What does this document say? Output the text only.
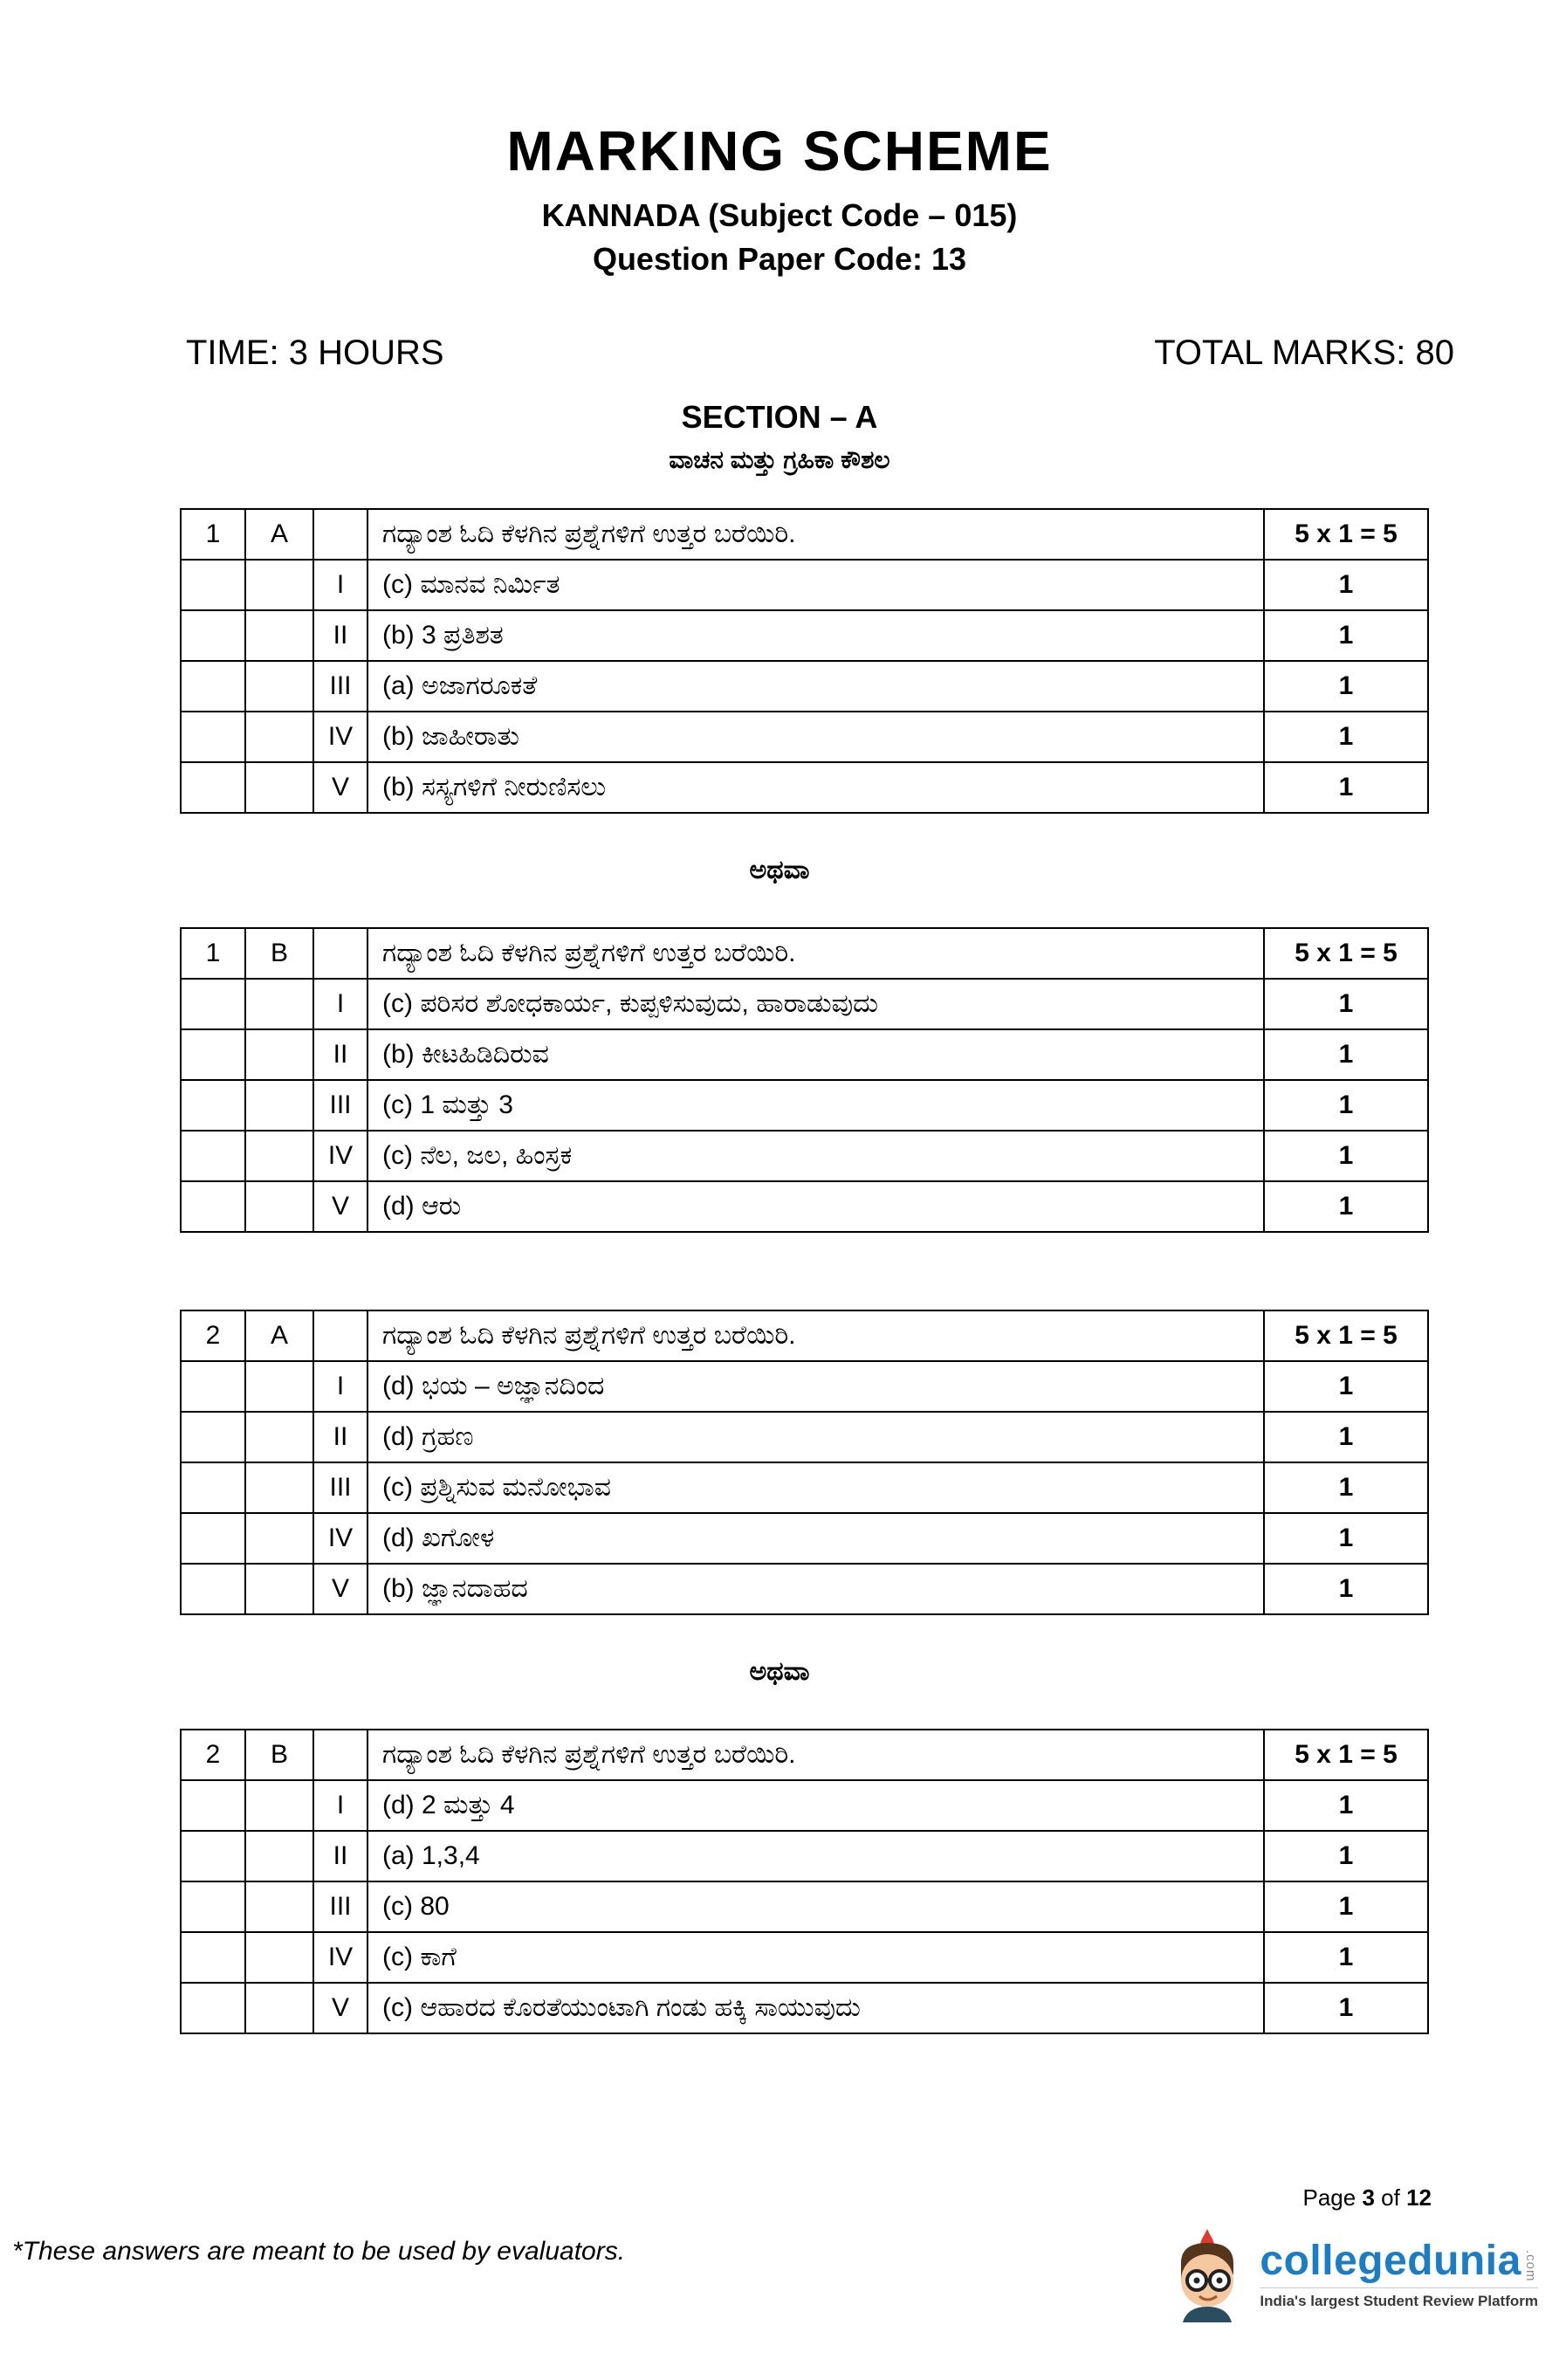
MARKING SCHEME
KANNADA (Subject Code – 015)
Question Paper Code: 13
TIME: 3 HOURS	TOTAL MARKS: 80
SECTION – A
ವಾಚನ ಮತ್ತು ಗ್ರಹಿಕಾ ಕೌಶಲ
1	A		ಗದ್ಯಾಂಶ ಓದಿ ಕೆಳಗಿನ ಪ್ರಶ್ನೆಗಳಿಗೆ ಉತ್ತರ ಬರೆಯಿರಿ.	5 x 1 = 5
		I	(c) ಮಾನವ ನಿರ್ಮಿತ	1
		II	(b) 3 ಪ್ರತಿಶತ	1
		III	(a) ಅಜಾಗರೂಕತೆ	1
		IV	(b) ಜಾಹೀರಾತು	1
		V	(b) ಸಸ್ಯಗಳಿಗೆ ನೀರುಣಿಸಲು	1
ಅಥವಾ
1	B		ಗದ್ಯಾಂಶ ಓದಿ ಕೆಳಗಿನ ಪ್ರಶ್ನೆಗಳಿಗೆ ಉತ್ತರ ಬರೆಯಿರಿ.	5 x 1 = 5
		I	(c) ಪರಿಸರ ಶೋಧಕಾರ್ಯ, ಕುಪ್ಪಳಿಸುವುದು, ಹಾರಾಡುವುದು	1
		II	(b) ಕೀಟಹಿಡಿದಿರುವ	1
		III	(c) 1 ಮತ್ತು 3	1
		IV	(c) ನೆಲ, ಜಲ, ಹಿಂಸ್ರಕ	1
		V	(d) ಆರು	1
2	A		ಗದ್ಯಾಂಶ ಓದಿ ಕೆಳಗಿನ ಪ್ರಶ್ನೆಗಳಿಗೆ ಉತ್ತರ ಬರೆಯಿರಿ.	5 x 1 = 5
		I	(d) ಭಯ – ಅಜ್ಞಾನದಿಂದ	1
		II	(d) ಗ್ರಹಣ	1
		III	(c) ಪ್ರಶ್ನಿಸುವ ಮನೋಭಾವ	1
		IV	(d) ಖಗೋಳ	1
		V	(b) ಜ್ಞಾನದಾಹದ	1
ಅಥವಾ
2	B		ಗದ್ಯಾಂಶ ಓದಿ ಕೆಳಗಿನ ಪ್ರಶ್ನೆಗಳಿಗೆ ಉತ್ತರ ಬರೆಯಿರಿ.	5 x 1 = 5
		I	(d) 2 ಮತ್ತು 4	1
		II	(a) 1,3,4	1
		III	(c) 80	1
		IV	(c) ಕಾಗೆ	1
		V	(c) ಆಹಾರದ ಕೊರತೆಯುಂಟಾಗಿ ಗಂಡು ಹಕ್ಕಿ ಸಾಯುವುದು	1
Page 3 of 12
*These answers are meant to be used by evaluators.	collegedunia .com
India's largest Student Review Platform
